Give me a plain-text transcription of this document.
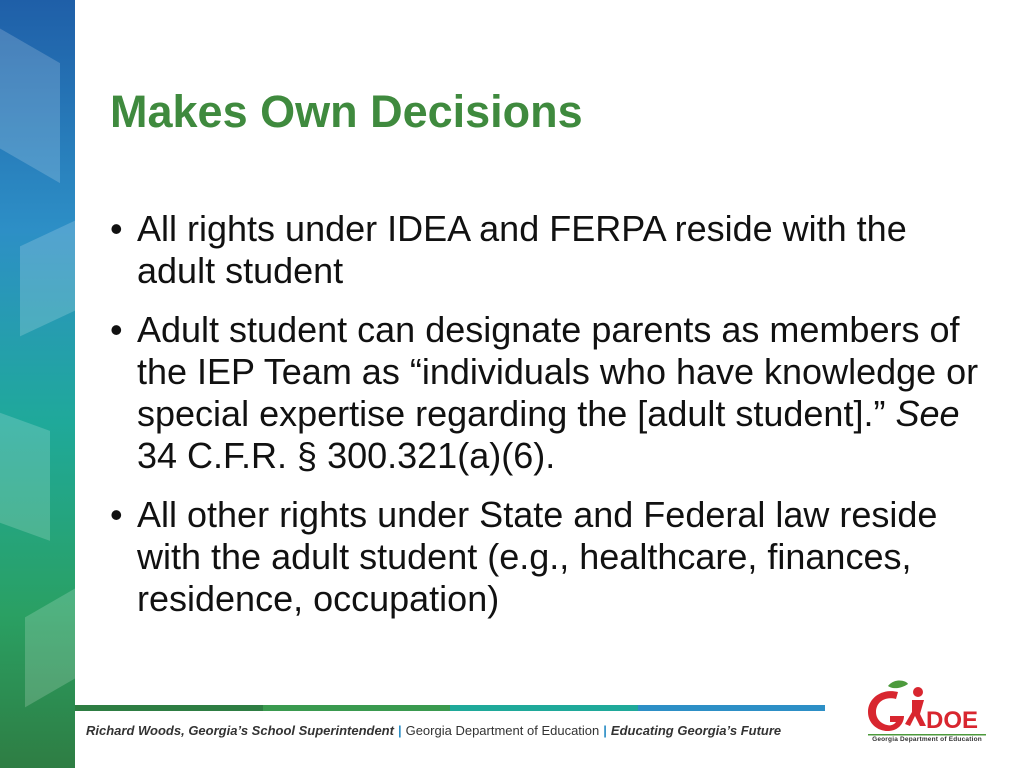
Makes Own Decisions
• All rights under IDEA and FERPA reside with the adult student
• Adult student can designate parents as members of the IEP Team as “individuals who have knowledge or special expertise regarding the [adult student].” See 34 C.F.R. § 300.321(a)(6).
• All other rights under State and Federal law reside with the adult student (e.g., healthcare, finances, residence, occupation)
Richard Woods, Georgia’s School Superintendent | Georgia Department of Education | Educating Georgia’s Future	DOE
Georgia Department of Education
